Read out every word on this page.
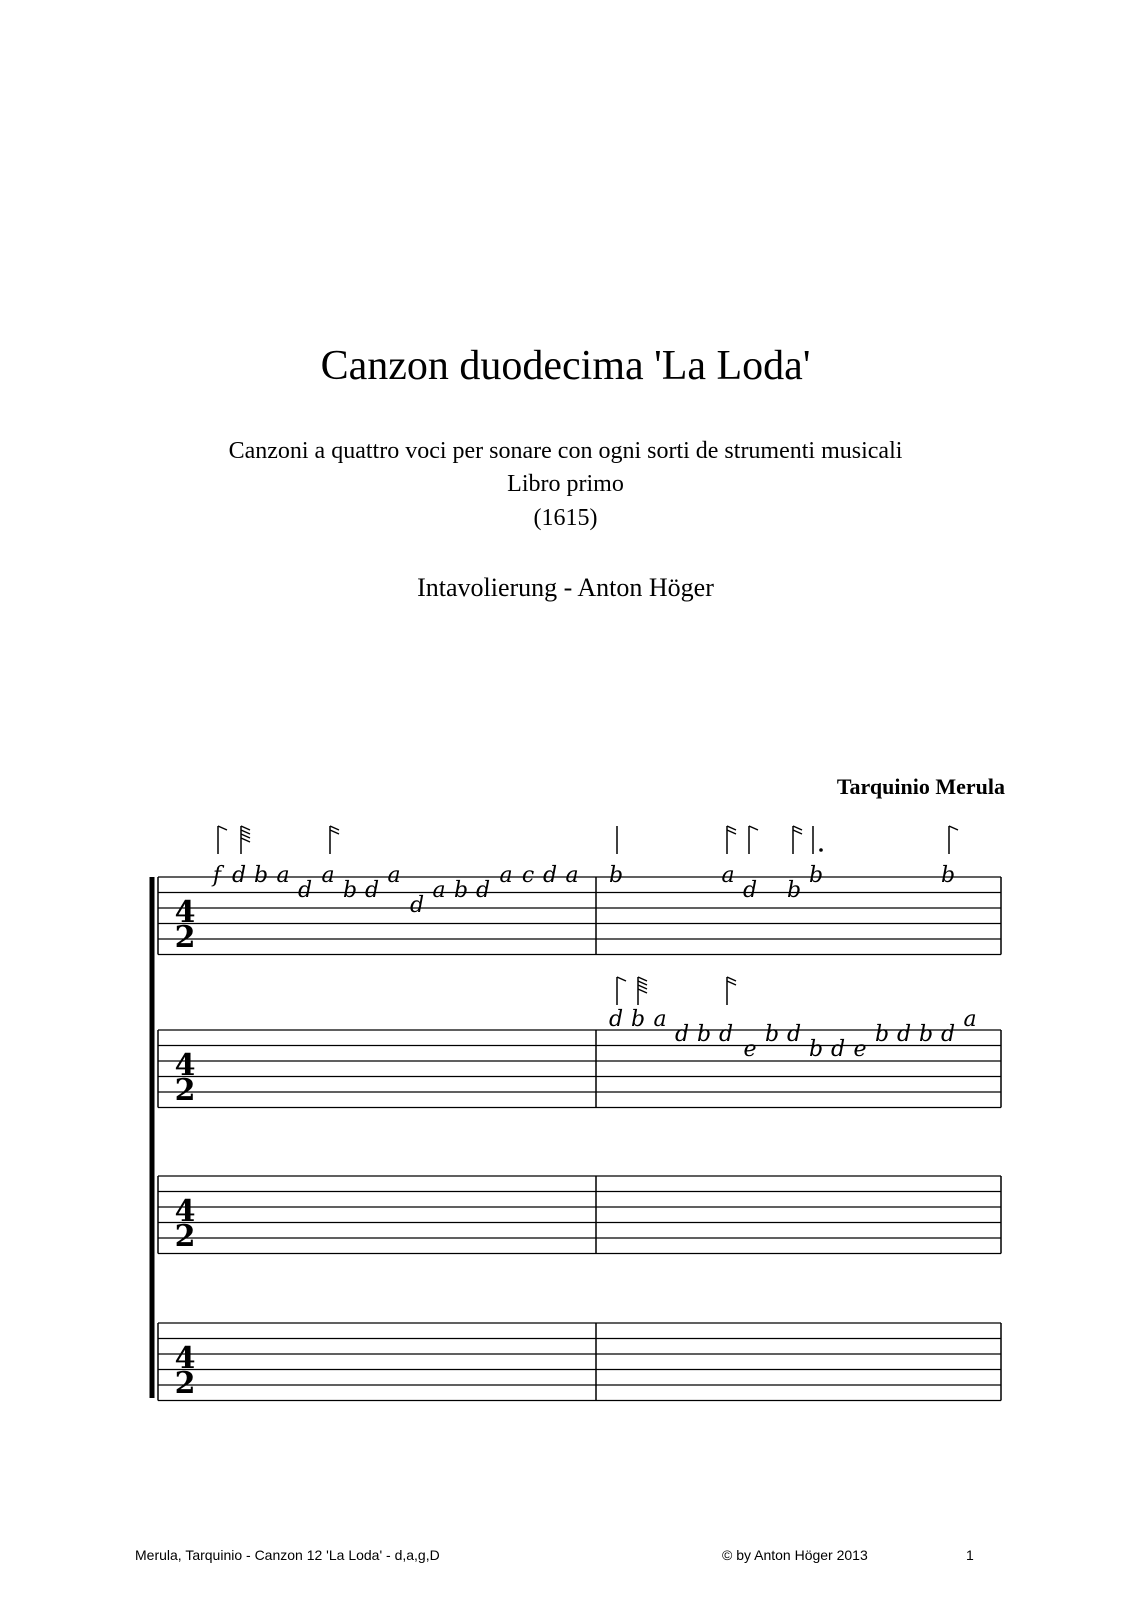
Canzon duodecima 'La Loda'
Canzoni a quattro voci per sonare con ogni sorti de strumenti musicali
Libro primo
(1615)
Intavolierung - Anton Höger
Tarquinio Merula
4
2
4
2
4
2
4
2
f d b a
d
a
b d
a
d
a b d
a c d a b	a
d b
b	b
d b a
d b d
e
b d
b d e
b d b d
a
Merula, Tarquinio - Canzon 12 'La Loda' - d,a,g,D	© by Anton Höger 2013	1
